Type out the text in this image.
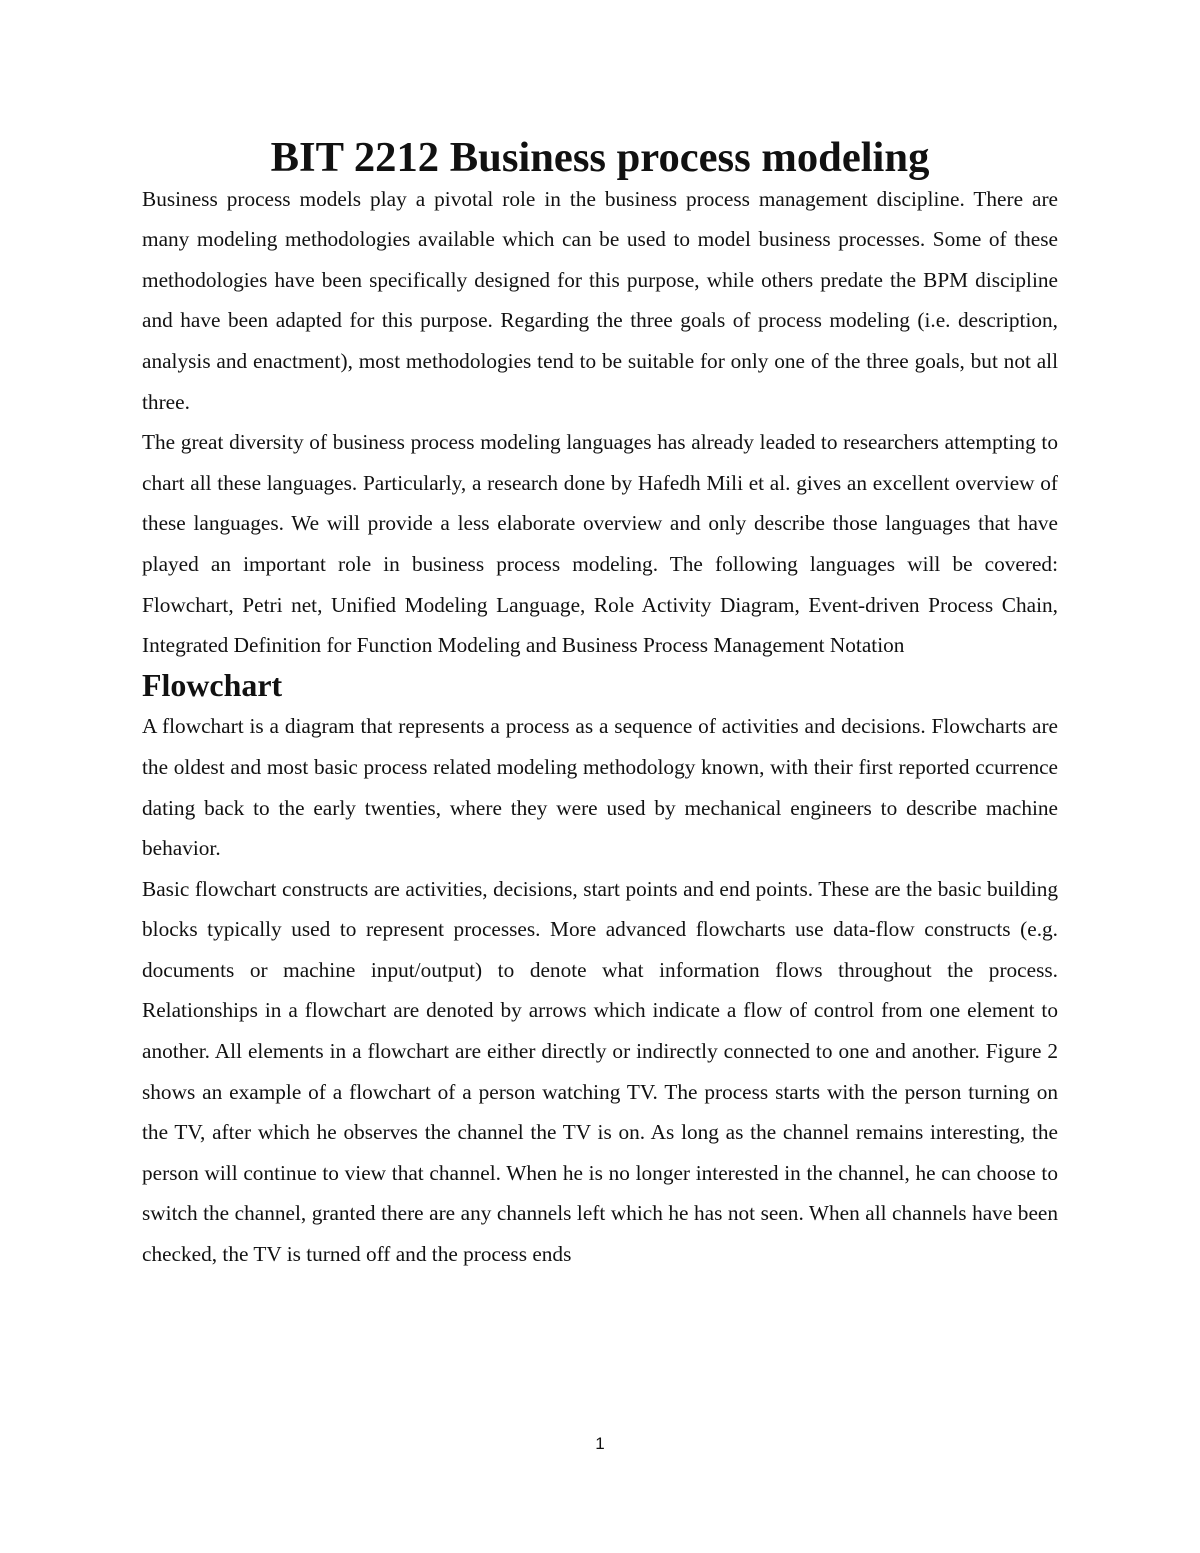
BIT 2212 Business process modeling

Business process models play a pivotal role in the business process management discipline. There are many modeling methodologies available which can be used to model business processes. Some of these methodologies have been specifically designed for this purpose, while others predate the BPM discipline and have been adapted for this purpose. Regarding the three goals of process modeling (i.e. description, analysis and enactment), most methodologies tend to be suitable for only one of the three goals, but not all three.

The great diversity of business process modeling languages has already leaded to researchers attempting to chart all these languages. Particularly, a research done by Hafedh Mili et al. gives an excellent overview of these languages. We will provide a less elaborate overview and only describe those languages that have played an important role in business process modeling. The following languages will be covered: Flowchart, Petri net, Unified Modeling Language, Role Activity Diagram, Event-driven Process Chain, Integrated Definition for Function Modeling and Business Process Management Notation

Flowchart

A flowchart is a diagram that represents a process as a sequence of activities and decisions. Flowcharts are the oldest and most basic process related modeling methodology known, with their first reported ccurrence dating back to the early twenties, where they were used by mechanical engineers to describe machine behavior.

Basic flowchart constructs are activities, decisions, start points and end points. These are the basic building blocks typically used to represent processes. More advanced flowcharts use data-flow constructs (e.g. documents or machine input/output) to denote what information flows throughout the process. Relationships in a flowchart are denoted by arrows which indicate a flow of control from one element to another. All elements in a flowchart are either directly or indirectly connected to one and another. Figure 2 shows an example of a flowchart of a person watching TV. The process starts with the person turning on the TV, after which he observes the channel the TV is on. As long as the channel remains interesting, the person will continue to view that channel. When he is no longer interested in the channel, he can choose to switch the channel, granted there are any channels left which he has not seen. When all channels have been checked, the TV is turned off and the process ends

1
